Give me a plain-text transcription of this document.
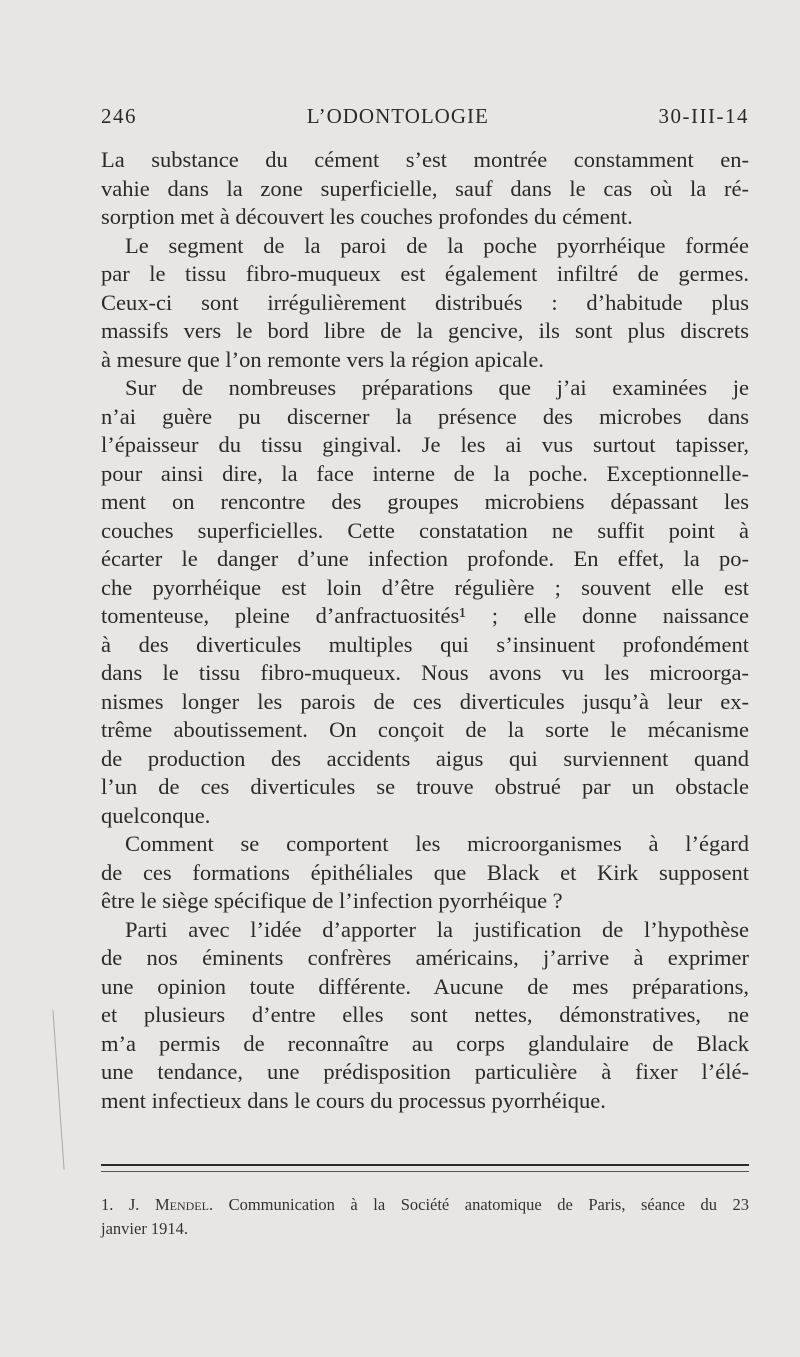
246	L’ODONTOLOGIE	30-III-14
La substance du cément s’est montrée constamment en-
vahie dans la zone superficielle, sauf dans le cas où la ré-
sorption met à découvert les couches profondes du cément.
Le segment de la paroi de la poche pyorrhéique formée
par le tissu fibro-muqueux est également infiltré de germes.
Ceux-ci sont irrégulièrement distribués : d’habitude plus
massifs vers le bord libre de la gencive, ils sont plus discrets
à mesure que l’on remonte vers la région apicale.
Sur de nombreuses préparations que j’ai examinées je
n’ai guère pu discerner la présence des microbes dans
l’épaisseur du tissu gingival. Je les ai vus surtout tapisser,
pour ainsi dire, la face interne de la poche. Exceptionnelle-
ment on rencontre des groupes microbiens dépassant les
couches superficielles. Cette constatation ne suffit point à
écarter le danger d’une infection profonde. En effet, la po-
che pyorrhéique est loin d’être régulière ; souvent elle est
tomenteuse, pleine d’anfractuosités¹ ; elle donne naissance
à des diverticules multiples qui s’insinuent profondément
dans le tissu fibro-muqueux. Nous avons vu les microorga-
nismes longer les parois de ces diverticules jusqu’à leur ex-
trême aboutissement. On conçoit de la sorte le mécanisme
de production des accidents aigus qui surviennent quand
l’un de ces diverticules se trouve obstrué par un obstacle
quelconque.
Comment se comportent les microorganismes à l’égard
de ces formations épithéliales que Black et Kirk supposent
être le siège spécifique de l’infection pyorrhéique ?
Parti avec l’idée d’apporter la justification de l’hypothèse
de nos éminents confrères américains, j’arrive à exprimer
une opinion toute différente. Aucune de mes préparations,
et plusieurs d’entre elles sont nettes, démonstratives, ne
m’a permis de reconnaître au corps glandulaire de Black
une tendance, une prédisposition particulière à fixer l’élé-
ment infectieux dans le cours du processus pyorrhéique.
1. J. Mendel. Communication à la Société anatomique de Paris, séance du 23
janvier 1914.
